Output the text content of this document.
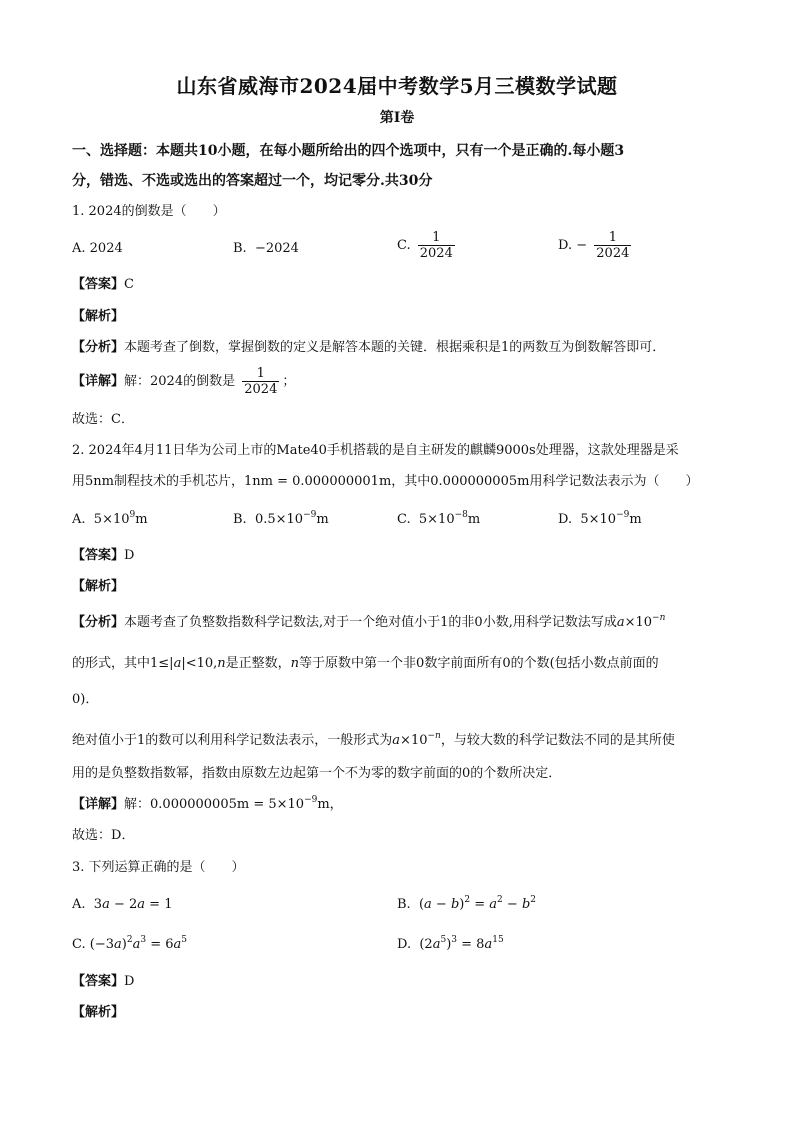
山东省威海市2024届中考数学5月三模数学试题
第I卷
一、选择题：本题共10小题，在每小题所给出的四个选项中，只有一个是正确的.每小题3
分，错选、不选或选出的答案超过一个，均记零分.共30分
1. 2024的倒数是（　　）
A. 2024	B. −2024	C. $\frac{1}{2024}$	D. − $\frac{1}{2024}$
【答案】C
【解析】
【分析】本题考查了倒数，掌握倒数的定义是解答本题的关键．根据乘积是1的两数互为倒数解答即可．
【详解】解：2024的倒数是 $\frac{1}{2024}$ ；
故选：C．
2. 2024年4月11日华为公司上市的Mate40手机搭载的是自主研发的麒麟9000s处理器，这款处理器是采
用5nm制程技术的手机芯片，1nm = 0.000000001m，其中0.000000005m用科学记数法表示为（　　）
A. $5\times 10^9m$	B. $0.5\times 10^{-9}m$	C. $5\times 10^{-8}m$	D. $5\times 10^{-9}m$
【答案】D
【解析】
【分析】本题考查了负整数指数科学记数法,对于一个绝对值小于1的非0小数,用科学记数法写成$a\times 10^{-n}$
的形式，其中1≤|a|<10,n是正整数，n等于原数中第一个非0数字前面所有0的个数(包括小数点前面的
0)．
绝对值小于1的数可以利用科学记数法表示，一般形式为$a\times 10^{-n}$，与较大数的科学记数法不同的是其所使
用的是负整数指数幂，指数由原数左边起第一个不为零的数字前面的0的个数所决定．
【详解】解：$0.000000005m = 5\times 10^{-9}m$，
故选：D．
3. 下列运算正确的是（　　）
A. 3a − 2a = 1	B. $(a - b)^2 = a^2 - b^2$
C. $(-3a)^2a^3 = 6a^5$	D. $(2a^5)^3 = 8a^{15}$
【答案】D
【解析】
